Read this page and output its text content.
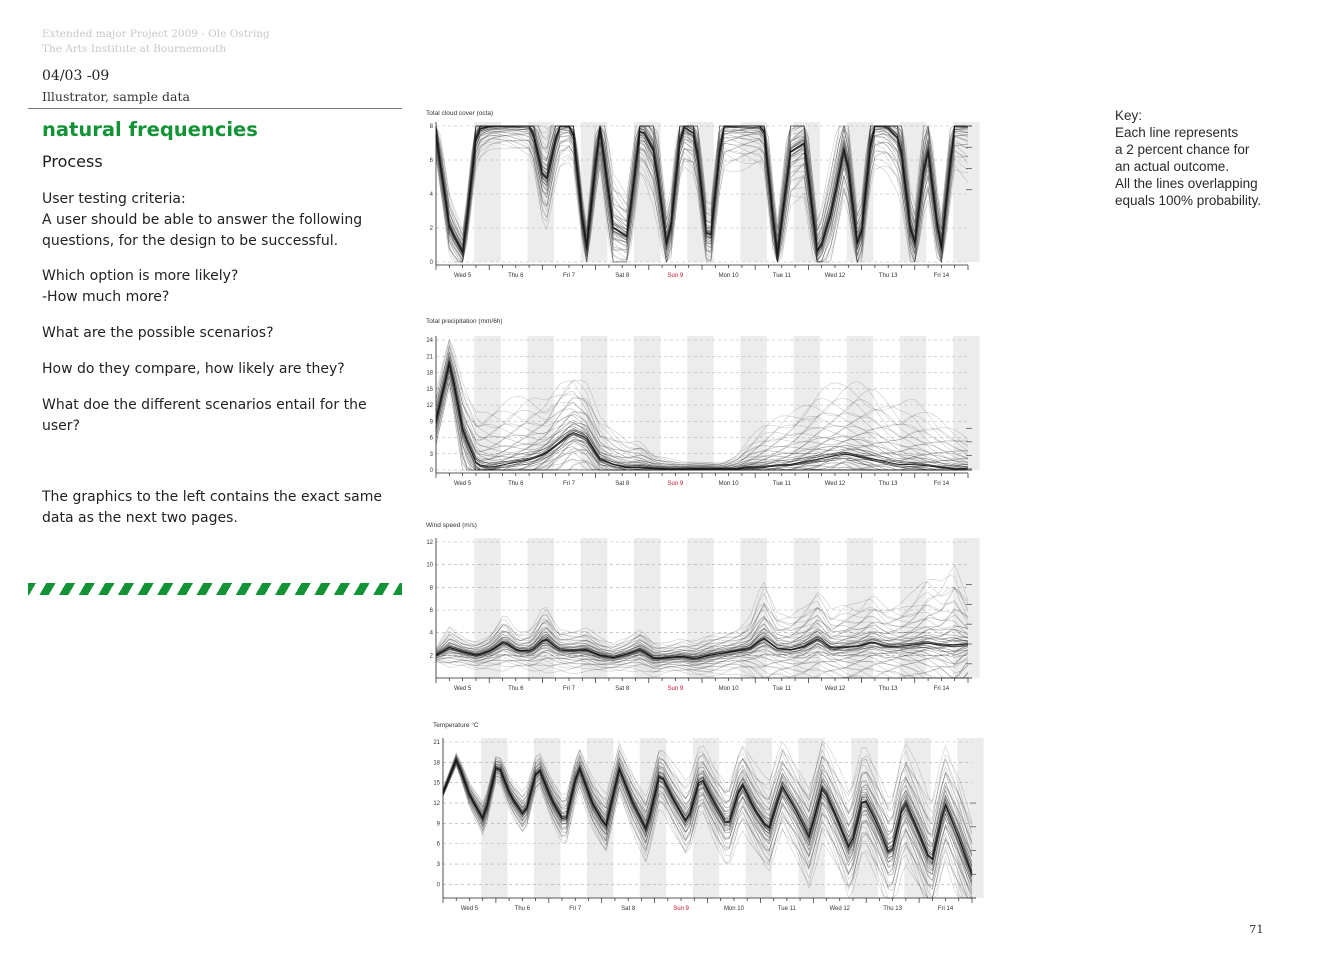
Extended major Project 2009 - Ole Ostring
The Arts Institute at Bournemouth
04/03 -09
Illustrator, sample data
natural frequencies
Process
User testing criteria:
A user should be able to answer the following questions, for the design to be successful.
Which option is more likely?
-How much more?
What are the possible scenarios?
How do they compare, how likely are they?
What doe the different scenarios entail for the user?
The graphics to the left contains the exact same data as the next two pages.
Key:
Each line represents
a 2 percent chance for
an actual outcome.
All the lines overlapping
equals 100% probability.
71
Total cloud cover (octa)
0
2
4
6
8
Wed 5	Thu 6	Fri 7	Sat 8	Sun 9	Mon 10	Tue 11	Wed 12	Thu 13	Fri 14
Total precipitation (mm/6h)
0
3
6
9
12
15
18
21
24
Wed 5	Thu 6	Fri 7	Sat 8	Sun 9	Mon 10	Tue 11	Wed 12	Thu 13	Fri 14
Wind speed (m/s)
2
4
6
8
10
12
Wed 5	Thu 6	Fri 7	Sat 8	Sun 9	Mon 10	Tue 11	Wed 12	Thu 13	Fri 14
Temperature °C
0
3
6
9
12
15
18
21
Wed 5	Thu 6	Fri 7	Sat 8	Sun 9	Mon 10	Tue 11	Wed 12	Thu 13	Fri 14
